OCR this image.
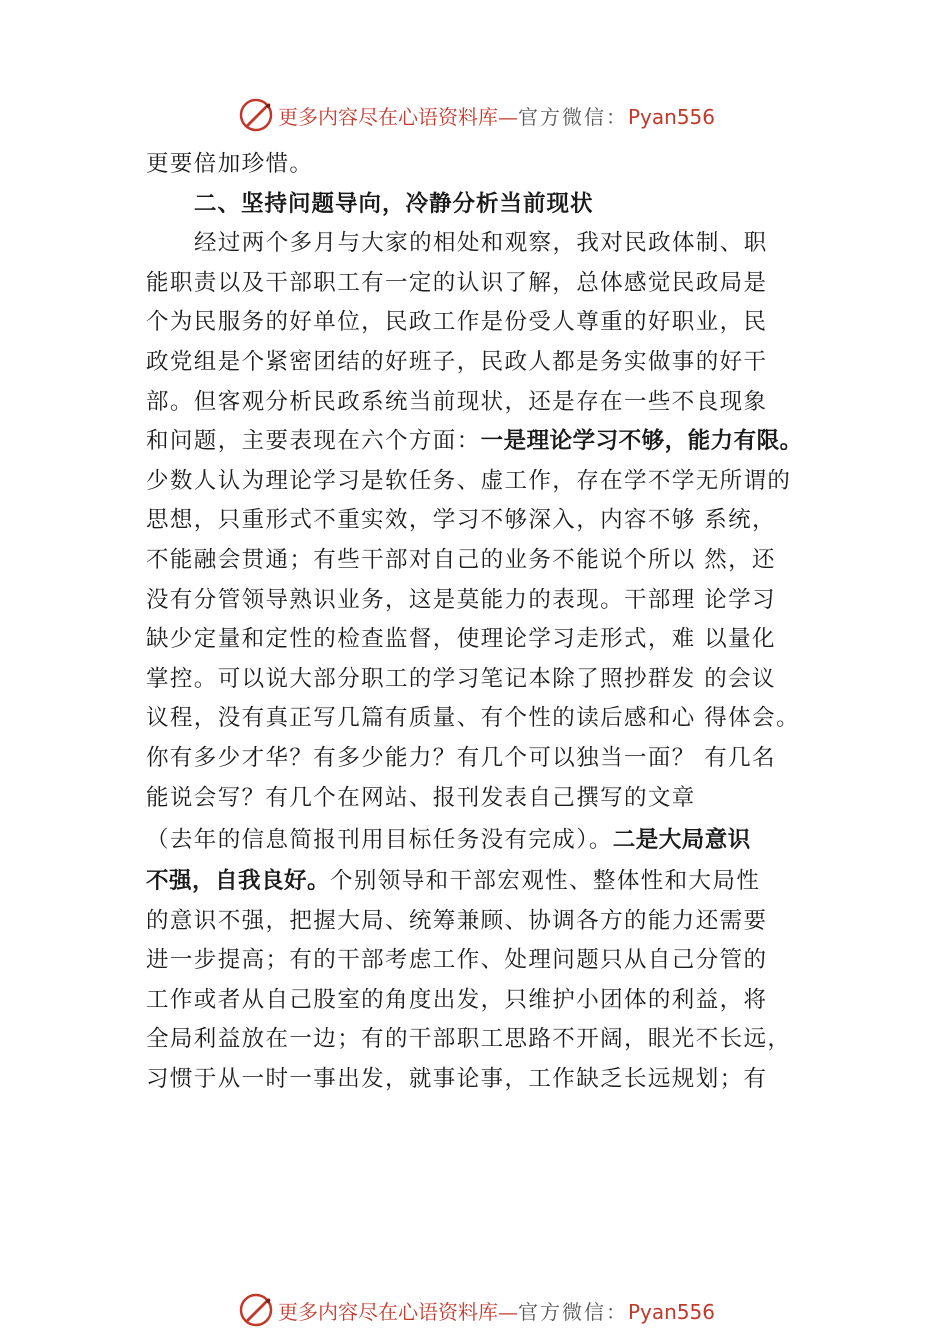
更多内容尽在心语资料库—官方微信：Pyan556
更要倍加珍惜。
二、坚持问题导向，冷静分析当前现状
经过两个多月与大家的相处和观察，我对民政体制、职
能职责以及干部职工有一定的认识了解，总体感觉民政局是
个为民服务的好单位，民政工作是份受人尊重的好职业，民
政党组是个紧密团结的好班子，民政人都是务实做事的好干
部。但客观分析民政系统当前现状，还是存在一些不良现象
和问题，主要表现在六个方面：一是理论学习不够，能力有限。
少数人认为理论学习是软任务、虚工作，存在学不学无所谓的
思想，只重形式不重实效，学习不够深入，内容不够 系统，
不能融会贯通；有些干部对自己的业务不能说个所以 然，还
没有分管领导熟识业务，这是莫能力的表现。干部理 论学习
缺少定量和定性的检查监督，使理论学习走形式，难 以量化
掌控。可以说大部分职工的学习笔记本除了照抄群发 的会议
议程，没有真正写几篇有质量、有个性的读后感和心 得体会。
你有多少才华？有多少能力？有几个可以独当一面？ 有几名
能说会写？有几个在网站、报刊发表自己撰写的文章
（去年的信息简报刊用目标任务没有完成）。二是大局意识
不强，自我良好。个别领导和干部宏观性、整体性和大局性
的意识不强，把握大局、统筹兼顾、协调各方的能力还需要
进一步提高；有的干部考虑工作、处理问题只从自己分管的
工作或者从自己股室的角度出发，只维护小团体的利益，将
全局利益放在一边；有的干部职工思路不开阔，眼光不长远，
习惯于从一时一事出发，就事论事，工作缺乏长远规划；有
更多内容尽在心语资料库—官方微信：Pyan556
